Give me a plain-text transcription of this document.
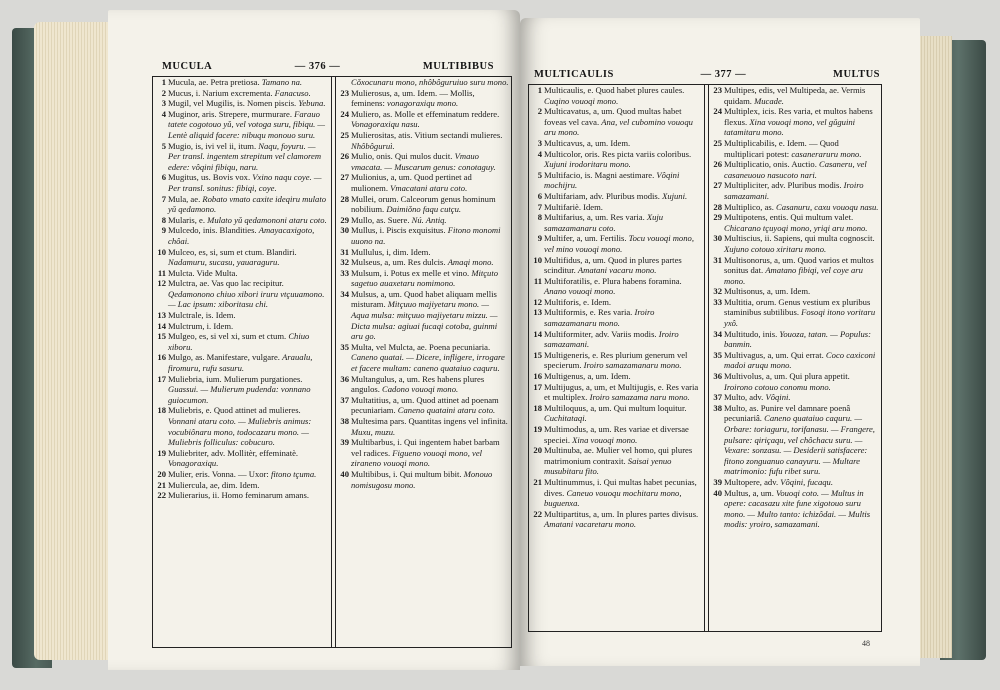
MUCULA	— 376 —	MULTIBIBUS
1 Mucula, ae. Petra pretiosa. Tamano na.
2 Mucus, i. Narium excrementa. Fanacuso.
3 Mugil, vel Mugilis, is. Nomen piscis. Yebuna.
4 Muginor, aris. Strepere, murmurare. Farauo tatete cogotouo yǔ, vel votoga suru, fibiqu. — Lentè aliquid facere: nibuqu monouo suru.
5 Mugio, is, ivi vel ii, itum. Naqu, foyuru. — Per transl. ingentem strepitum vel clamorem edere: vôqini fibiqu, naru.
6 Mugitus, us. Bovis vox. Vxino naqu coye. — Per transl. sonitus: fibiqi, coye.
7 Mula, ae. Robato vmato caxite ideqiru mulato yǔ qedamono.
8 Mularis, e. Mulato yǔ qedamononi ataru coto.
9 Mulcedo, inis. Blandities. Amayacaxigoto, chôai.
10 Mulceo, es, si, sum et ctum. Blandiri. Nadamuru, sucasu, yauaraguru.
11 Mulcta. Vide Multa.
12 Mulctra, ae. Vas quo lac recipitur. Qedamonono chiuo xibori iruru vtçuuamono. — Lac ipsum: xiboritasu chi.
13 Mulctrale, is. Idem.
14 Mulctrum, i. Idem.
15 Mulgeo, es, si vel xi, sum et ctum. Chiuo xiboru.
16 Mulgo, as. Manifestare, vulgare. Araualu, firomuru, rufu sasuru.
17 Muliebria, ium. Mulierum purgationes. Guassui. — Mulierum pudenda: vonnano guiocumon.
18 Muliebris, e. Quod attinet ad mulieres. Vonnani ataru coto. — Muliebris animus: vocubiônaru mono, todocazaru mono. — Muliebris folliculus: cobucuro.
19 Muliebriter, adv. Mollitèr, effeminatè. Vonagoraxiqu.
20 Mulier, eris. Vonna. — Uxor: fitono tçuma.
21 Muliercula, ae, dim. Idem.
22 Mulierarius, ii. Homo feminarum amans.
Cǒxocunaru mono, nhôbôguruiuo suru mono.
23 Mulierosus, a, um. Idem. — Mollis, feminens: vonagoraxiqu mono.
24 Muliero, as. Molle et effeminatum reddere. Vonagoraxiqu nasu.
25 Mulierositas, atis. Vitium sectandi mulieres. Nhôbôguruì.
26 Mulio, onis. Qui mulos ducit. Vmauo vmacata. — Muscarum genus: conotaguy.
27 Mulionius, a, um. Quod pertinet ad mulionem. Vmacatani ataru coto.
28 Mullei, orum. Calceorum genus hominum nobilium. Daimiǒno faqu cutçu.
29 Mullo, as. Suere. Nú. Antiq.
30 Mullus, i. Piscis exquisitus. Fitono monomi uuono na.
31 Mullulus, i, dim. Idem.
32 Mulseus, a, um. Res dulcis. Amaqi mono.
33 Mulsum, i. Potus ex melle et vino. Mitçuto sagetuo auaxetaru nomimono.
34 Mulsus, a, um. Quod habet aliquam mellis misturam. Mitçuuo majiyetaru mono. — Aqua mulsa: mitçuuo majiyetaru mizzu. — Dicta mulsa: agiuai fucaqi cotoba, guinmi aru go.
35 Multa, vel Mulcta, ae. Poena pecuniaria. Caneno quatai. — Dicere, infligere, irrogare et facere multam: caneno quataiuo caquru.
36 Multangulus, a, um. Res habens plures angulos. Cadono vouoqi mono.
37 Multatitius, a, um. Quod attinet ad poenam pecuniariam. Caneno quataini ataru coto.
38 Multesima pars. Quantitas ingens vel infinita. Muxu, muzu.
39 Multibarbus, i. Qui ingentem habet barbam vel radices. Figueno vouoqi mono, vel ziraneno vouoqi mono.
40 Multibibus, i. Qui multum bibit. Monouo nomisugosu mono.
MULTICAULIS	— 377 —	MULTUS
1 Multicaulis, e. Quod habet plures caules. Cuqino vouoqi mono.
2 Multicavatus, a, um. Quod multas habet foveas vel cava. Ana, vel cubomino vouoqu aru mono.
3 Multicavus, a, um. Idem.
4 Multicolor, oris. Res picta variis coloribus. Xujuni irodoritaru mono.
5 Multifacio, is. Magni aestimare. Vôqini mochijru.
6 Multifariam, adv. Pluribus modis. Xujuni.
7 Multifariè. Idem.
8 Multifarius, a, um. Res varia. Xuju samazamanaru coto.
9 Multifer, a, um. Fertilis. Tocu vouoqi mono, vel mino vouoqi mono.
10 Multifidus, a, um. Quod in plures partes scinditur. Amatani vacaru mono.
11 Multiforatilis, e. Plura habens foramina. Anano vouoqi mono.
12 Multiforis, e. Idem.
13 Multiformis, e. Res varia. Iroiro samazamanaru mono.
14 Multiformiter, adv. Variis modis. Iroiro samazamani.
15 Multigeneris, e. Res plurium generum vel specierum. Iroiro samazamanaru mono.
16 Multigenus, a, um. Idem.
17 Multijugus, a, um, et Multijugis, e. Res varia et multiplex. Iroiro samazama naru mono.
18 Multiloquus, a, um. Qui multum loquitur. Cuchitataqi.
19 Multimodus, a, um. Res variae et diversae speciei. Xina vouoqi mono.
20 Multinuba, ae. Mulier vel homo, qui plures matrimonium contraxit. Saisai yenuo musubitaru fito.
21 Multinummus, i. Qui multas habet pecunias, dives. Caneuo vouoqu mochitaru mono, buguenxa.
22 Multipartitus, a, um. In plures partes divisus. Amatani vacaretaru mono.
23 Multipes, edis, vel Multipeda, ae. Vermis quidam. Mucade.
24 Multiplex, icis. Res varia, et multos habens flexus. Xina vouoqi mono, vel gǔguini tatamitaru mono.
25 Multiplicabilis, e. Idem. — Quod multiplicari potest: casaneraruru mono.
26 Multiplicatio, onis. Auctio. Casaneru, vel casaneuouo nasucoto nari.
27 Multipliciter, adv. Pluribus modis. Iroiro samazamani.
28 Multiplico, as. Casanuru, caxu vouoqu nasu.
29 Multipotens, entis. Qui multum valet. Chicarano tçuyoqi mono, yriqi aru mono.
30 Multiscius, ii. Sapiens, qui multa cognoscit. Xujuno cotouo xiritaru mono.
31 Multisonorus, a, um. Quod varios et multos sonitus dat. Amatano fibiqi, vel coye aru mono.
32 Multisonus, a, um. Idem.
33 Multitia, orum. Genus vestium ex pluribus staminibus subtilibus. Fosoqi itono voritaru yxô.
34 Multitudo, inis. Youoza, tatan. — Populus: banmin.
35 Multivagus, a, um. Qui errat. Coco caxiconi madoi aruqu mono.
36 Multivolus, a, um. Qui plura appetit. Iroirono cotouo conomu mono.
37 Multo, adv. Vôqini.
38 Multo, as. Punire vel damnare poenâ pecuniariâ. Caneno quataiuo caquru. — Orbare: toriaguru, torifanasu. — Frangere, pulsare: qiriçaqu, vel chôchacu suru. — Vexare: sonzasu. — Desiderii satisfacere: fitono zonguanuo canayuru. — Multare matrimonio: fufu ribet suru.
39 Multopere, adv. Vôqini, fucaqu.
40 Multus, a, um. Vouoqi coto. — Multus in opere: cacasazu xite fune xigotouo suru mono. — Multo tanto: ichizôdai. — Multis modis: yroiro, samazamani.
48
